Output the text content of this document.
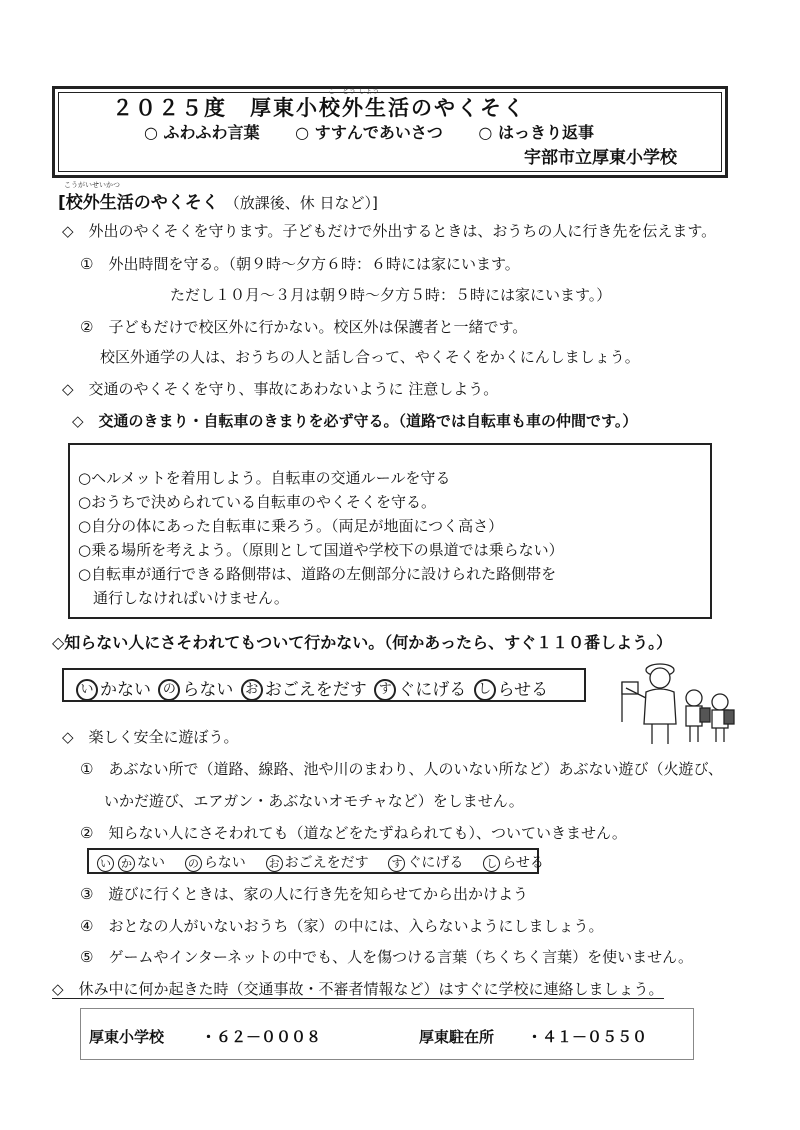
こ　とう しょう
２０２５度　厚東小校外生活のやくそく
○ ふわふわ言葉 ○ すすんであいさつ ○ はっきり返事
宇部市立厚東小学校
こうがいせいかつ
[校外生活のやくそく （放課後、休 日など）]
◇　外出のやくそくを守ります。子どもだけで外出するときは、おうちの人に行き先を伝えます。
①　外出時間を守る。（朝９時～夕方６時：６時には家にいます。
ただし１０月～３月は朝９時～夕方５時：５時には家にいます。）
②　子どもだけで校区外に行かない。校区外は保護者と一緒です。
校区外通学の人は、おうちの人と話し合って、やくそくをかくにんしましょう。
◇　交通のやくそくを守り、事故にあわないように 注意しよう。
◇　交通のきまり・自転車のきまりを必ず守る。（道路では自転車も車の仲間です。）
○ヘルメットを着用しよう。自転車の交通ルールを守る
○おうちで決められている自転車のやくそくを守る。
○自分の体にあった自転車に乗ろう。（両足が地面につく高さ）
○乗る場所を考えよう。（原則として国道や学校下の県道では乗らない）
○自転車が通行できる路側帯は、道路の左側部分に設けられた路側帯を
　通行しなければいけません。
◇知らない人にさそわれてもついて行かない。（何かあったら、すぐ１１０番しよう。）
い かない の らない お おごえをだす す ぐにげる し らせる
◇　楽しく安全に遊ぼう。
①　あぶない所で（道路、線路、池や川のまわり、人のいない所など）あぶない遊び（火遊び、
いかだ遊び、エアガン・あぶないオモチャなど）をしません。
②　知らない人にさそわれても（道などをたずねられても）、ついていきません。
い か ない の らない お おごえをだす す ぐにげる し らせる
③　遊びに行くときは、家の人に行き先を知らせてから出かけよう
④　おとなの人がいないおうち（家）の中には、入らないようにしましょう。
⑤　ゲームやインターネットの中でも、人を傷つける言葉（ちくちく言葉）を使いません。
◇　休み中に何か起きた時（交通事故・不審者情報など）はすぐに学校に連絡しましょう。
厚東小学校 ・６２－０００８	厚東駐在所 ・４１－０５５０
